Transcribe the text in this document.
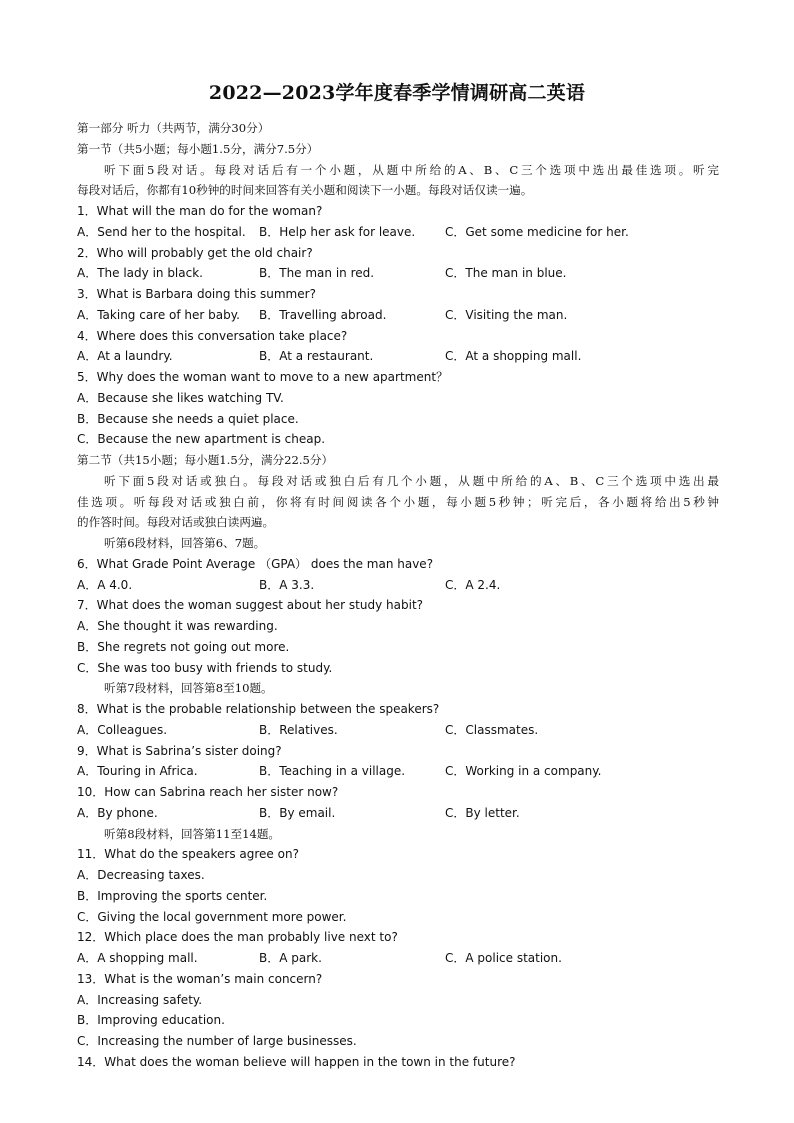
2022—2023学年度春季学情调研高二英语
第一部分 听力（共两节，满分30分）
第一节（共5小题；每小题1.5分，满分7.5分）
听下面5段对话。每段对话后有一个小题，从题中所给的A、B、C三个选项中选出最佳选项。听完
每段对话后，你都有10秒钟的时间来回答有关小题和阅读下一小题。每段对话仅读一遍。
1．What will the man do for the woman?
A．Send her to the hospital. B．Help her ask for leave. C．Get some medicine for her.
2．Who will probably get the old chair?
A．The lady in black.	B．The man in red.	C．The man in blue.
3．What is Barbara doing this summer?
A．Taking care of her baby. B．Travelling abroad.	C．Visiting the man.
4．Where does this conversation take place?
A．At a laundry.	B．At a restaurant.	C．At a shopping mall.
5．Why does the woman want to move to a new apartment？
A．Because she likes watching TV.
B．Because she needs a quiet place.
C．Because the new apartment is cheap.
第二节（共15小题；每小题1.5分，满分22.5分）
听下面5段对话或独白。每段对话或独白后有几个小题，从题中所给的A、B、C三个选项中选出最
佳选项。听每段对话或独白前，你将有时间阅读各个小题，每小题5秒钟；听完后，各小题将给出5秒钟
的作答时间。每段对话或独白读两遍。
听第6段材料，回答第6、7题。
6．What Grade Point Average （GPA） does the man have?
A．A 4.0.	B．A 3.3.	C．A 2.4.
7．What does the woman suggest about her study habit?
A．She thought it was rewarding.
B．She regrets not going out more.
C．She was too busy with friends to study.
听第7段材料，回答第8至10题。
8．What is the probable relationship between the speakers?
A．Colleagues.	B．Relatives.	C．Classmates.
9．What is Sabrina’s sister doing?
A．Touring in Africa.	B．Teaching in a village.	C．Working in a company.
10．How can Sabrina reach her sister now?
A．By phone.	B．By email.	C．By letter.
听第8段材料，回答第11至14题。
11．What do the speakers agree on?
A．Decreasing taxes.
B．Improving the sports center.
C．Giving the local government more power.
12．Which place does the man probably live next to?
A．A shopping mall.	B．A park.	C．A police station.
13．What is the woman’s main concern?
A．Increasing safety.
B．Improving education.
C．Increasing the number of large businesses.
14．What does the woman believe will happen in the town in the future?
